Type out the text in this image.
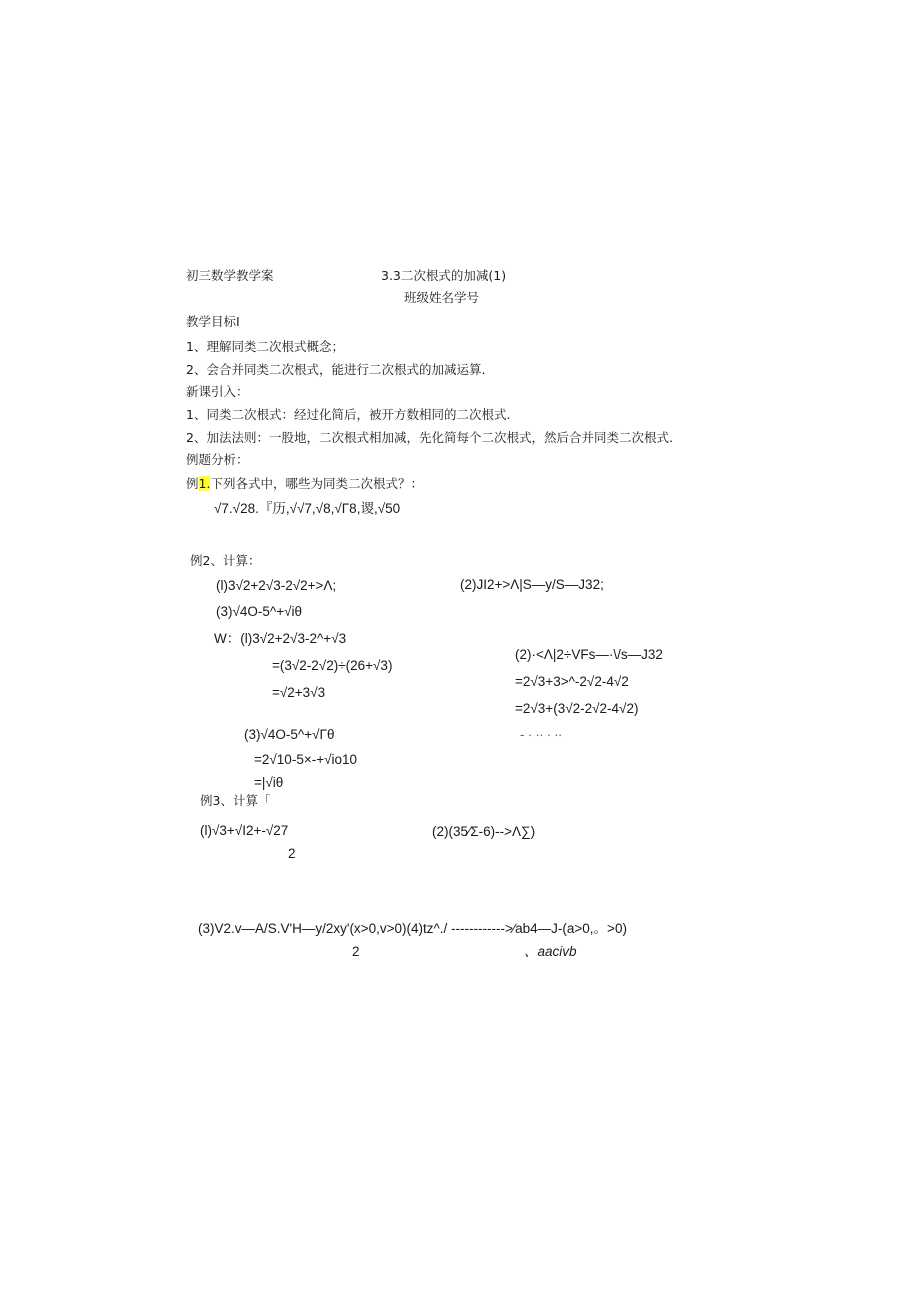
初三数学教学案	3.3二次根式的加减(1)
班级姓名学号
教学目标I
1、理解同类二次根式概念；
2、会合并同类二次根式，能进行二次根式的加减运算.
新课引入：
1、同类二次根式：经过化简后，被开方数相同的二次根式.
2、加法法则：一股地，二次根式相加减，先化简每个二次根式，然后合并同类二次根式.
例题分析：
例1.下列各式中，哪些为同类二次根式？：
√7.√28.『历,√√7,√8,√Γ8,谡,√50
例2、计算：
(l)3√2+2√3-2√2+>Λ;	(2)JI2+>Λ|S—y/S—J32;
(3)√4O-5^+√iθ
W：(l)3√2+2√3-2^+√3
=(3√2-2√2)÷(26+√3)
=√2+3√3
(2)·<Λ|2÷VFs—·\/s—J32
=2√3+3>^-2√2-4√2
=2√3+(3√2-2√2-4√2)
- ∙ ∙∙ ∙ ∙∙
(3)√4O-5^+√Γθ
=2√10-5×-+√io10
=|√iθ
例3、计算「
(l)√3+√I2+-√27
2
(2)(35∕Σ-6)-->Λ∑)
(3)V2.v—A/S.V'H—y/2xy'(x>0,v>0)(4)tz^./ ------------>∕ab4—J-(a>0,。>0)
2	、aacivb
